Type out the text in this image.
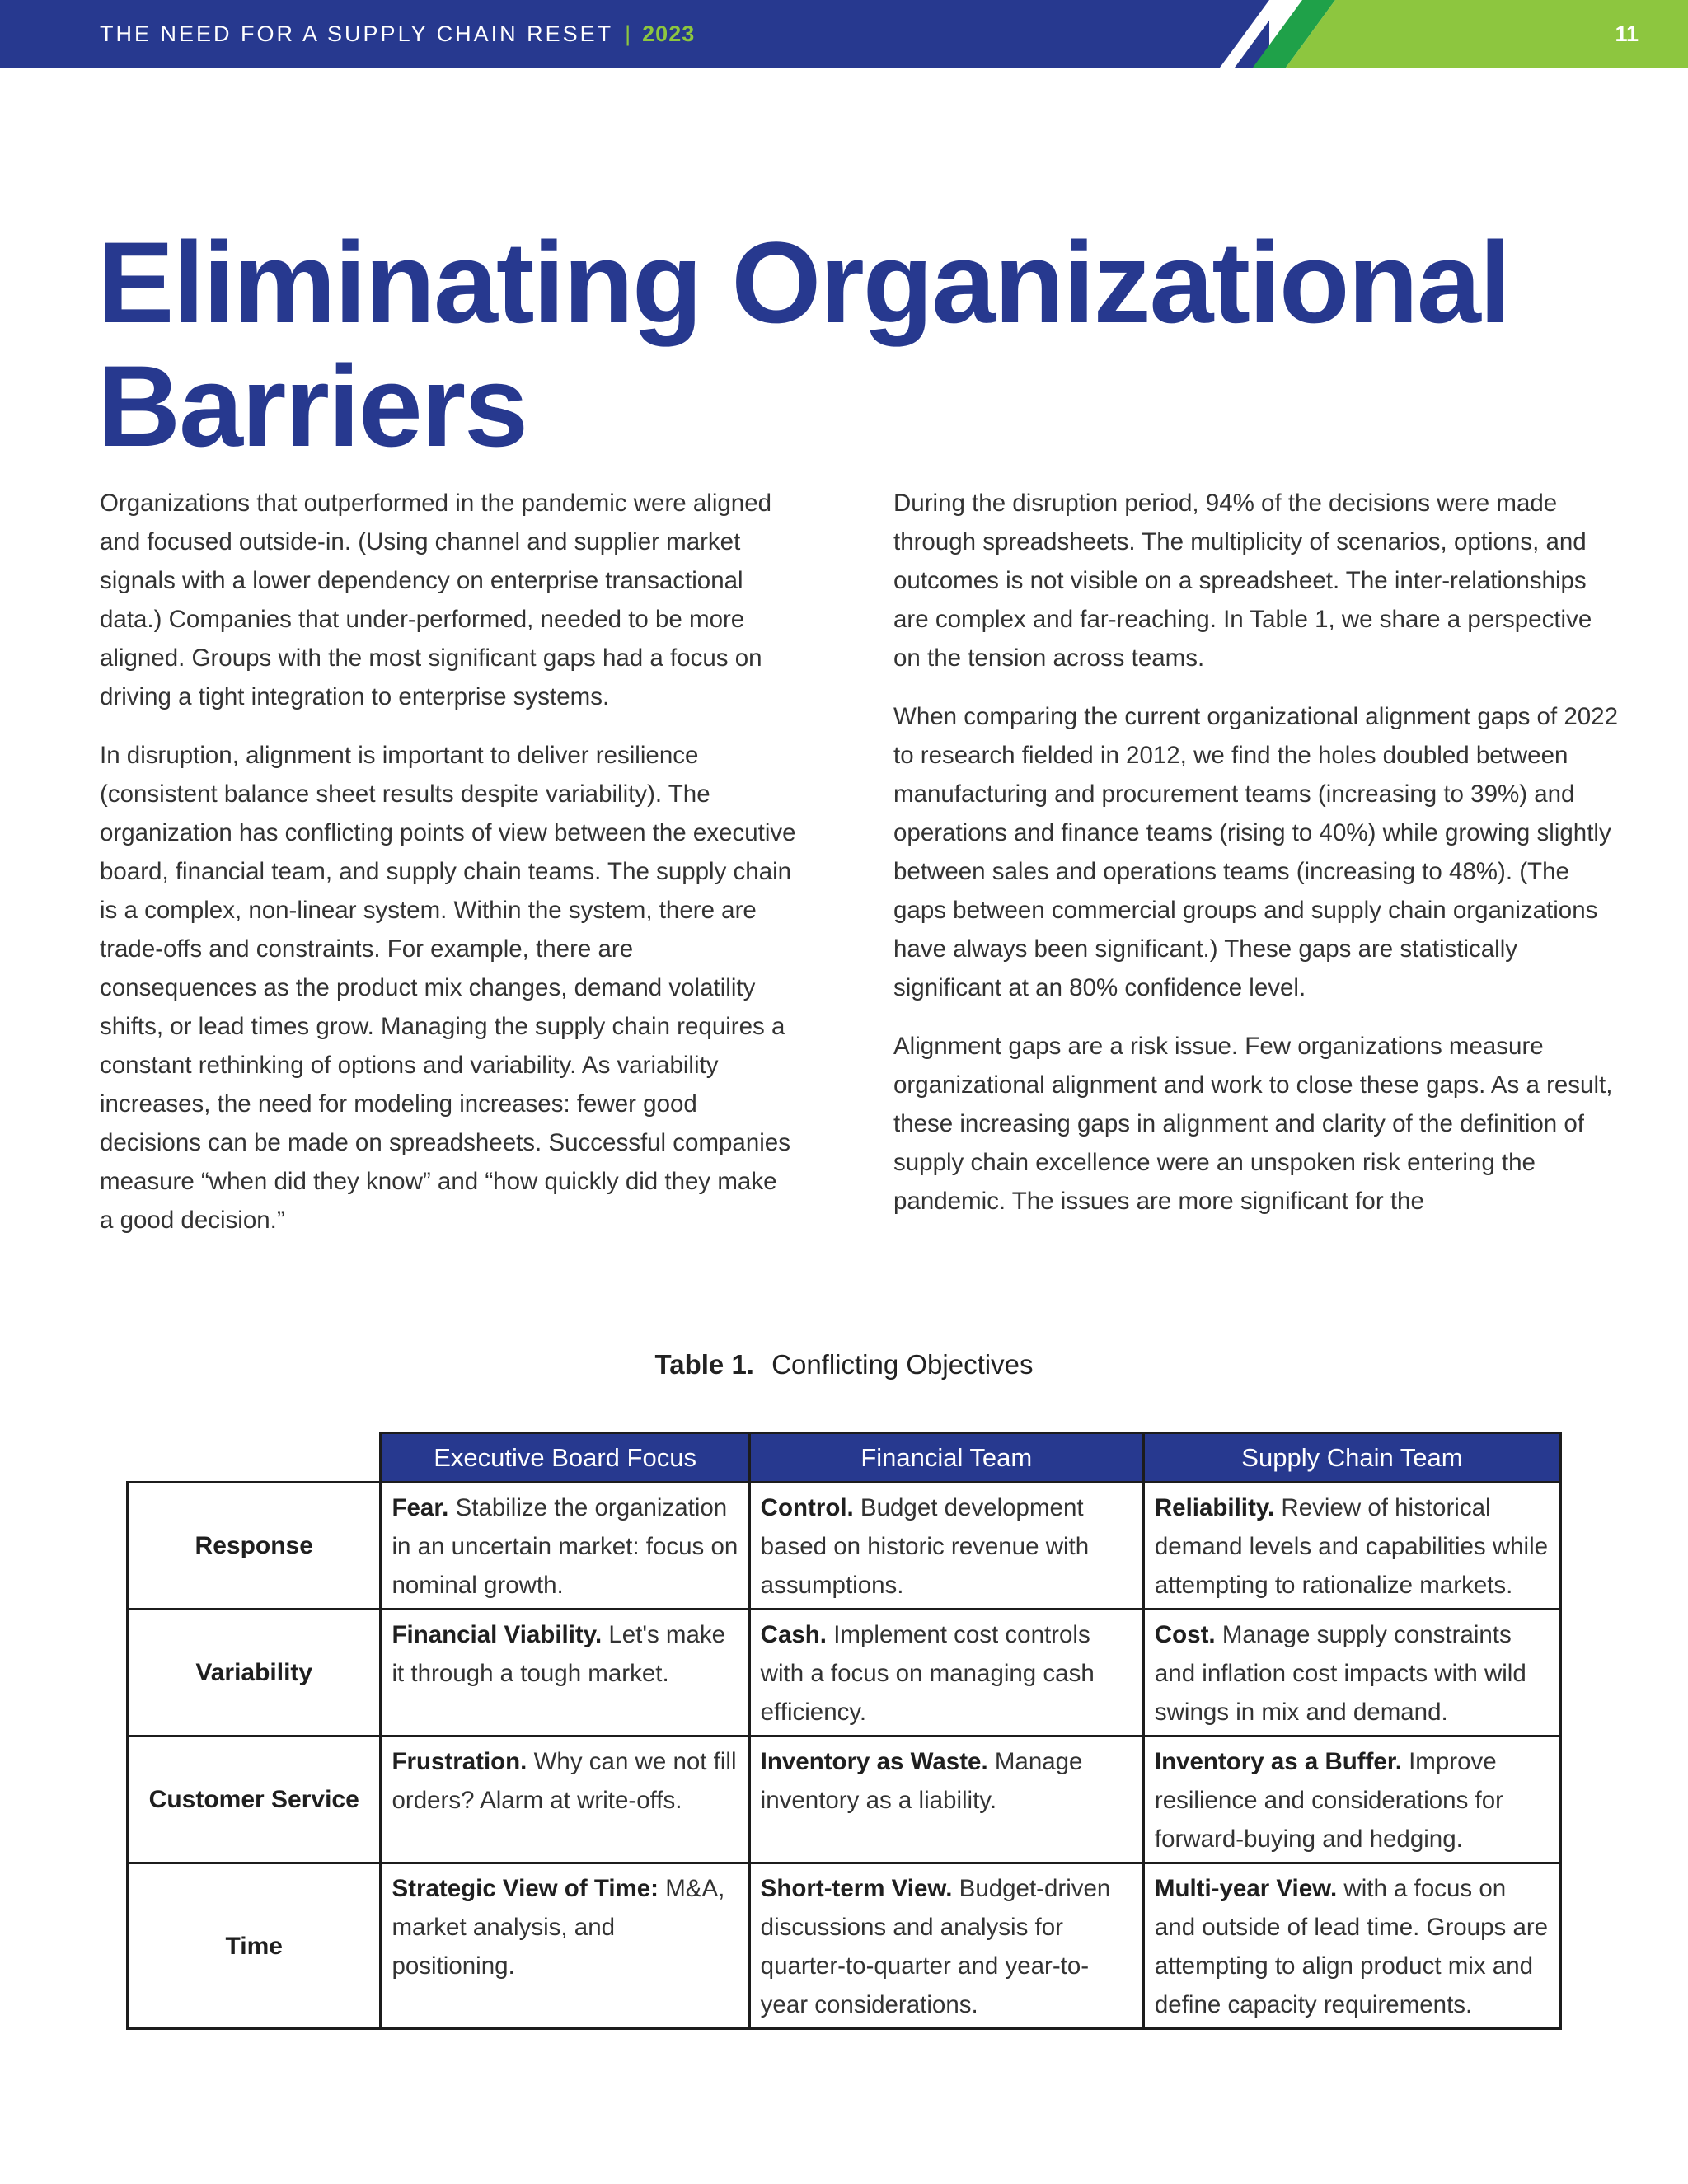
THE NEED FOR A SUPPLY CHAIN RESET | 2023	11
Eliminating Organizational
Barriers

Organizations that outperformed in the pandemic were aligned and focused outside-in. (Using channel and supplier market signals with a lower dependency on enterprise transactional data.) Companies that under-performed, needed to be more aligned. Groups with the most significant gaps had a focus on driving a tight integration to enterprise systems.

In disruption, alignment is important to deliver resilience (consistent balance sheet results despite variability). The organization has conflicting points of view between the executive board, financial team, and supply chain teams. The supply chain is a complex, non-linear system. Within the system, there are trade-offs and constraints. For example, there are consequences as the product mix changes, demand volatility shifts, or lead times grow. Managing the supply chain requires a constant rethinking of options and variability. As variability increases, the need for modeling increases: fewer good decisions can be made on spreadsheets. Successful companies measure “when did they know” and “how quickly did they make a good decision.”

During the disruption period, 94% of the decisions were made through spreadsheets. The multiplicity of scenarios, options, and outcomes is not visible on a spreadsheet. The inter-relationships are complex and far-reaching. In Table 1, we share a perspective on the tension across teams.

When comparing the current organizational alignment gaps of 2022 to research fielded in 2012, we find the holes doubled between manufacturing and procurement teams (increasing to 39%) and operations and finance teams (rising to 40%) while growing slightly between sales and operations teams (increasing to 48%). (The gaps between commercial groups and supply chain organizations have always been significant.) These gaps are statistically significant at an 80% confidence level.

Alignment gaps are a risk issue. Few organizations measure organizational alignment and work to close these gaps. As a result, these increasing gaps in alignment and clarity of the definition of supply chain excellence were an unspoken risk entering the pandemic. The issues are more significant for the

Table 1. Conflicting Objectives
	Executive Board Focus	Financial Team	Supply Chain Team
Response	Fear. Stabilize the organization in an uncertain market: focus on nominal growth.	Control. Budget development based on historic revenue with assumptions.	Reliability. Review of historical demand levels and capabilities while attempting to rationalize markets.

Variability	Financial Viability. Let's make it through a tough market.	Cash. Implement cost controls with a focus on managing cash efficiency.	Cost. Manage supply constraints and inflation cost impacts with wild swings in mix and demand.

Customer Service	Frustration. Why can we not fill orders? Alarm at write-offs.	Inventory as Waste. Manage inventory as a liability.	Inventory as a Buffer. Improve resilience and considerations for forward-buying and hedging.

Time	Strategic View of Time: M&A, market analysis, and positioning.	Short-term View. Budget-driven discussions and analysis for quarter-to-quarter and year-to-year considerations.	Multi-year View. with a focus on and outside of lead time. Groups are attempting to align product mix and define capacity requirements.
